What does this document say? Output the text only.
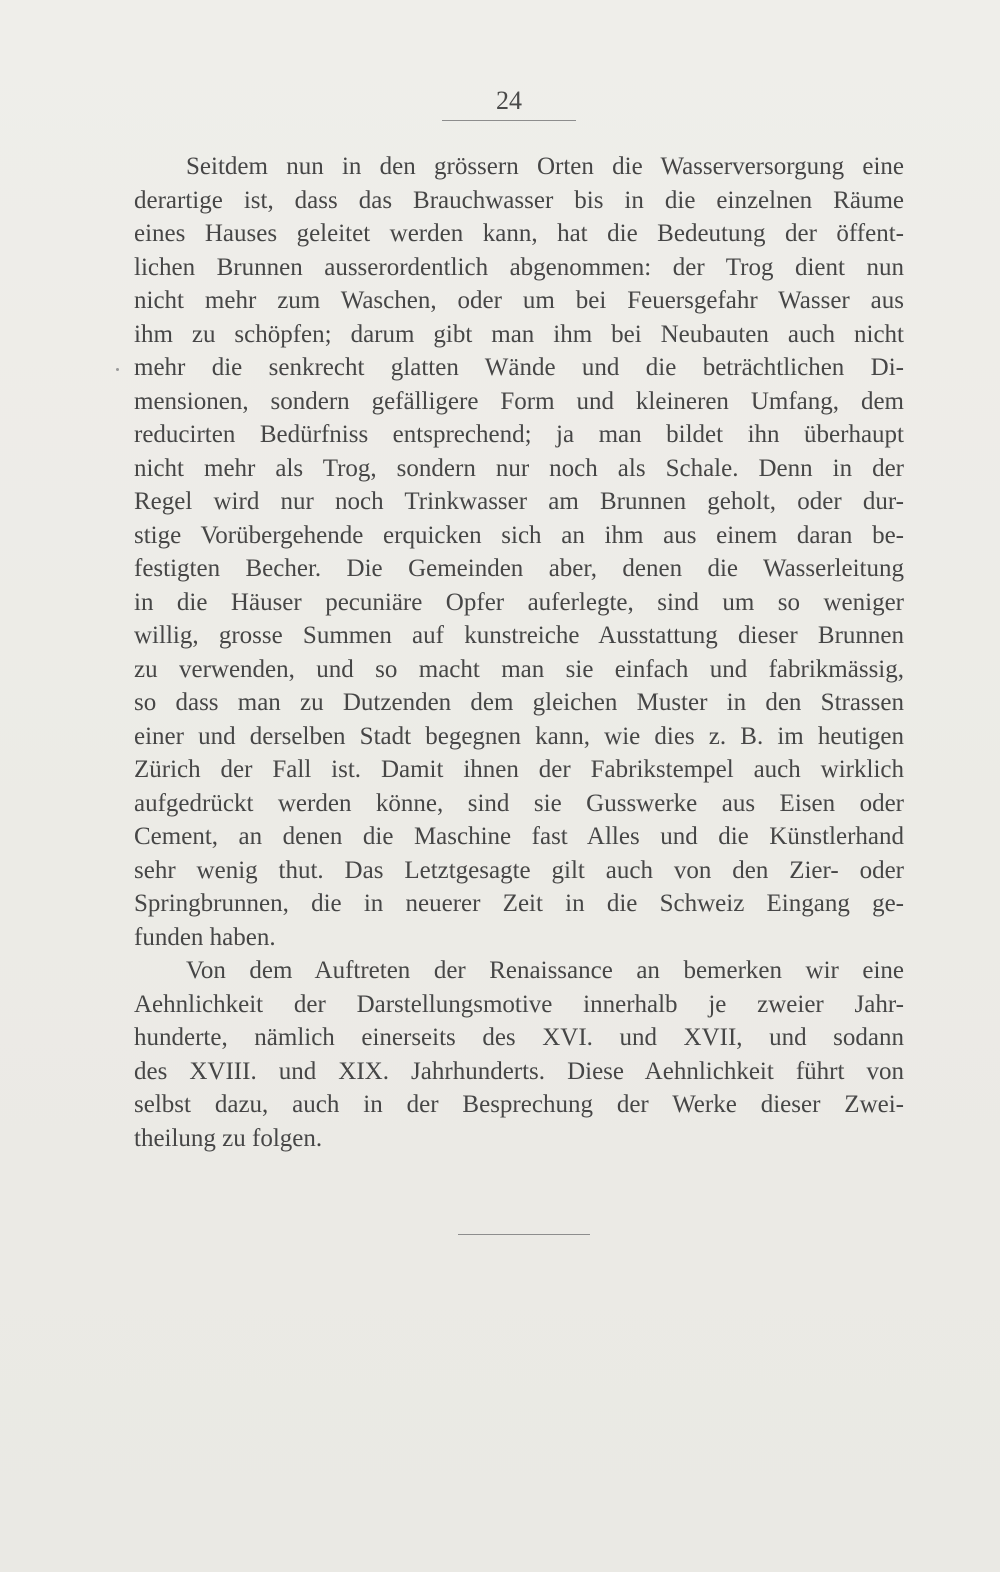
24
Seitdem nun in den grössern Orten die Wasserversorgung eine
derartige ist, dass das Brauchwasser bis in die einzelnen Räume
eines Hauses geleitet werden kann, hat die Bedeutung der öffent-
lichen Brunnen ausserordentlich abgenommen: der Trog dient nun
nicht mehr zum Waschen, oder um bei Feuersgefahr Wasser aus
ihm zu schöpfen; darum gibt man ihm bei Neubauten auch nicht
mehr die senkrecht glatten Wände und die beträchtlichen Di-
mensionen, sondern gefälligere Form und kleineren Umfang, dem
reducirten Bedürfniss entsprechend; ja man bildet ihn überhaupt
nicht mehr als Trog, sondern nur noch als Schale. Denn in der
Regel wird nur noch Trinkwasser am Brunnen geholt, oder dur-
stige Vorübergehende erquicken sich an ihm aus einem daran be-
festigten Becher. Die Gemeinden aber, denen die Wasserleitung
in die Häuser pecuniäre Opfer auferlegte, sind um so weniger
willig, grosse Summen auf kunstreiche Ausstattung dieser Brunnen
zu verwenden, und so macht man sie einfach und fabrikmässig,
so dass man zu Dutzenden dem gleichen Muster in den Strassen
einer und derselben Stadt begegnen kann, wie dies z. B. im heutigen
Zürich der Fall ist. Damit ihnen der Fabrikstempel auch wirklich
aufgedrückt werden könne, sind sie Gusswerke aus Eisen oder
Cement, an denen die Maschine fast Alles und die Künstlerhand
sehr wenig thut. Das Letztgesagte gilt auch von den Zier- oder
Springbrunnen, die in neuerer Zeit in die Schweiz Eingang ge-
funden haben.
Von dem Auftreten der Renaissance an bemerken wir eine
Aehnlichkeit der Darstellungsmotive innerhalb je zweier Jahr-
hunderte, nämlich einerseits des XVI. und XVII, und sodann
des XVIII. und XIX. Jahrhunderts. Diese Aehnlichkeit führt von
selbst dazu, auch in der Besprechung der Werke dieser Zwei-
theilung zu folgen.
